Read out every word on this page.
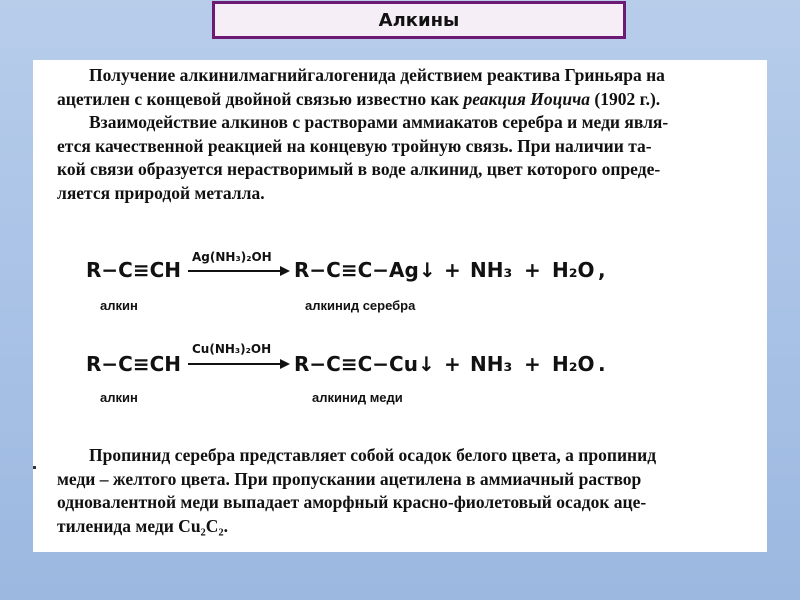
Алкины
Получение алкинилмагнийгалогенида действием реактива Гриньяра на
ацетилен с концевой двойной связью известно как реакция Иоцича (1902 г.).
Взаимодействие алкинов с растворами аммиакатов серебра и меди явля-
ется качественной реакцией на концевую тройную связь. При наличии та-
кой связи образуется нерастворимый в воде алкинид, цвет которого опреде-
ляется природой металла.
R−C≡CH
Ag(NH₃)₂OH
R−C≡C−Ag↓ + NH₃ + H₂O ,
алкин	алкинид серебра
R−C≡CH
Cu(NH₃)₂OH
R−C≡C−Cu↓ + NH₃ + H₂O .
алкин	алкинид меди
Пропинид серебра представляет собой осадок белого цвета, а пропинид
меди – желтого цвета. При пропускании ацетилена в аммиачный раствор
одновалентной меди выпадает аморфный красно-фиолетовый осадок аце-
тиленида меди Cu₂C₂.
